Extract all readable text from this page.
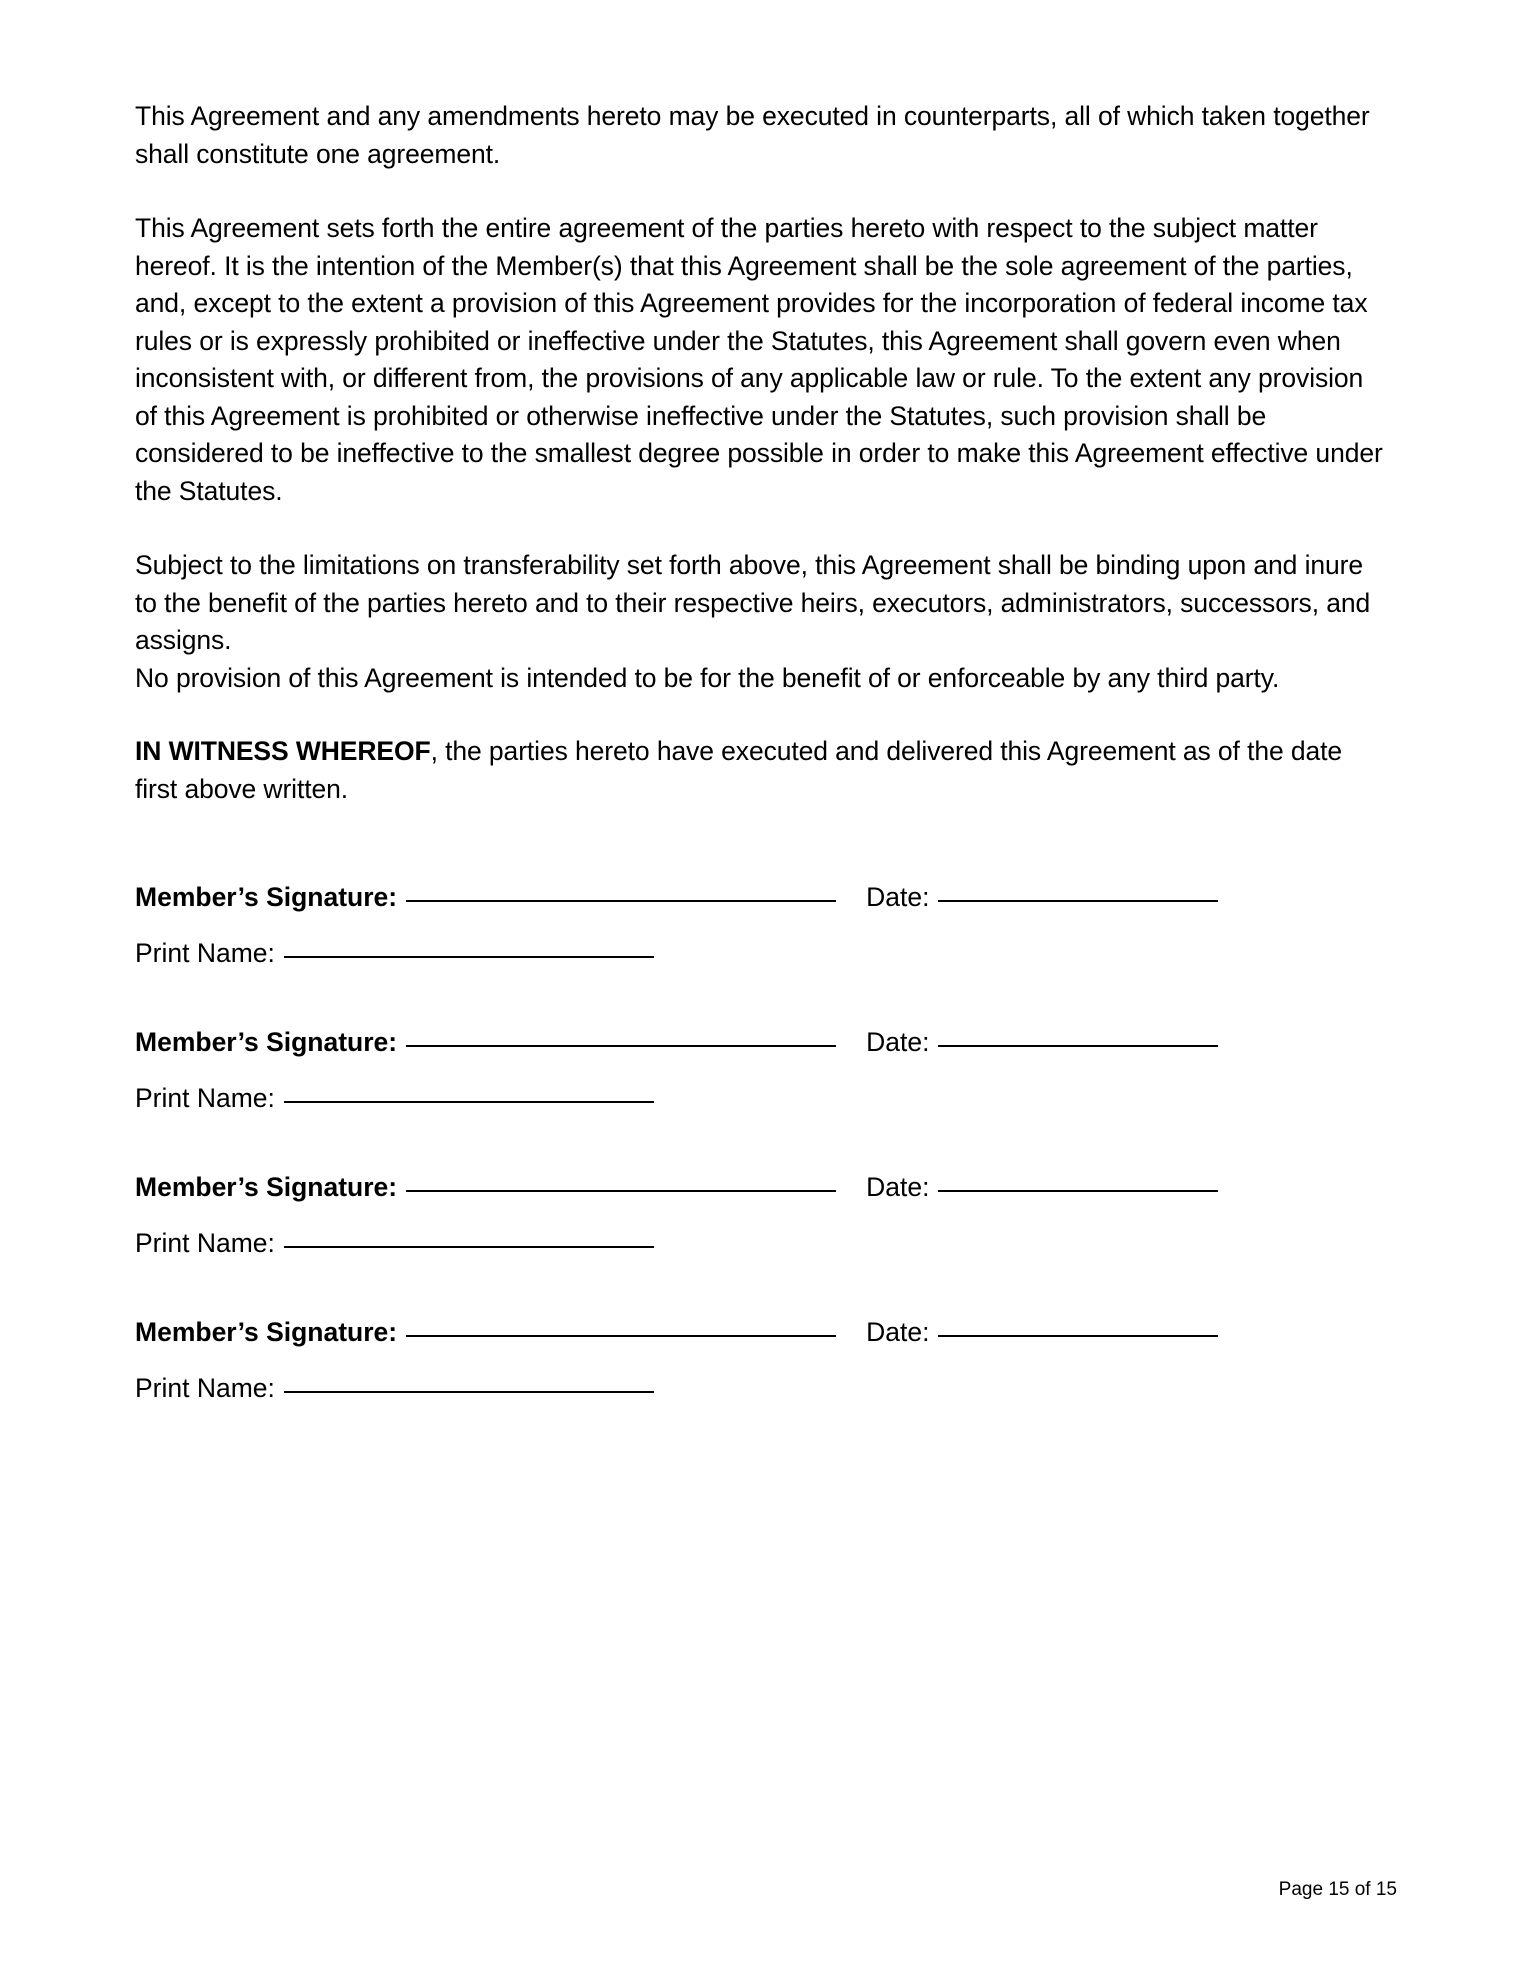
This Agreement and any amendments hereto may be executed in counterparts, all of which taken together shall constitute one agreement.

This Agreement sets forth the entire agreement of the parties hereto with respect to the subject matter hereof. It is the intention of the Member(s) that this Agreement shall be the sole agreement of the parties, and, except to the extent a provision of this Agreement provides for the incorporation of federal income tax rules or is expressly prohibited or ineffective under the Statutes, this Agreement shall govern even when inconsistent with, or different from, the provisions of any applicable law or rule. To the extent any provision of this Agreement is prohibited or otherwise ineffective under the Statutes, such provision shall be considered to be ineffective to the smallest degree possible in order to make this Agreement effective under the Statutes.

Subject to the limitations on transferability set forth above, this Agreement shall be binding upon and inure to the benefit of the parties hereto and to their respective heirs, executors, administrators, successors, and assigns.

No provision of this Agreement is intended to be for the benefit of or enforceable by any third party.

IN WITNESS WHEREOF, the parties hereto have executed and delivered this Agreement as of the date first above written.

Member’s Signature:	Date:
Print Name:
Member’s Signature:	Date:
Print Name:
Member’s Signature:	Date:
Print Name:
Member’s Signature:	Date:
Print Name:
Page 15 of 15
